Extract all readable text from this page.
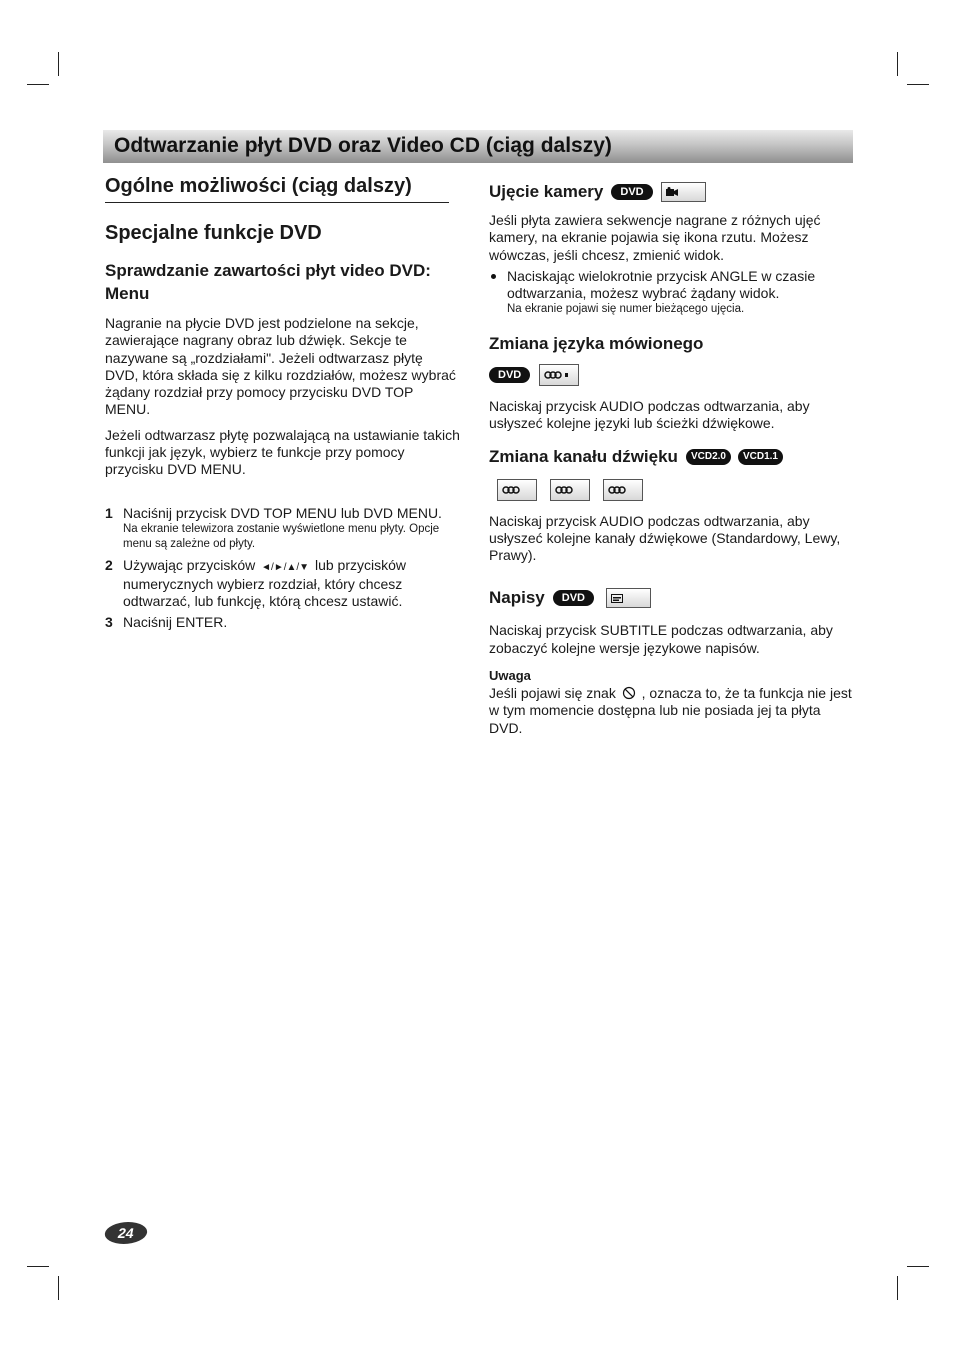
Odtwarzanie płyt DVD oraz Video CD (ciąg dalszy)
Ogólne możliwości (ciąg dalszy)
Specjalne funkcje DVD
Sprawdzanie zawartości płyt video DVD: Menu

Nagranie na płycie DVD jest podzielone na sekcje, zawierające nagrany obraz lub dźwięk. Sekcje te nazywane są „rozdziałami". Jeżeli odtwarzasz płytę DVD, która składa się z kilku rozdziałów, możesz wybrać żądany rozdział przy pomocy przycisku DVD TOP MENU.

Jeżeli odtwarzasz płytę pozwalającą na ustawianie takich funkcji jak język, wybierz te funkcje przy pomocy przycisku DVD MENU.

1 Naciśnij przycisk DVD TOP MENU lub DVD MENU.
Na ekranie telewizora zostanie wyświetlone menu płyty. Opcje menu są zależne od płyty.
2 Używając przycisków ◄/►/▲/▼ lub przycisków numerycznych wybierz rozdział, który chcesz odtwarzać, lub funkcję, którą chcesz ustawić.
3 Naciśnij ENTER.
Ujęcie kamery	DVD

Jeśli płyta zawiera sekwencje nagrane z różnych ujęć kamery, na ekranie pojawia się ikona rzutu. Możesz wówczas, jeśli chcesz, zmienić widok.

Naciskając wielokrotnie przycisk ANGLE w czasie odtwarzania, możesz wybrać żądany widok.
Na ekranie pojawi się numer bieżącego ujęcia.
Zmiana języka mówionego
DVD

Naciskaj przycisk AUDIO podczas odtwarzania, aby usłyszeć kolejne języki lub ścieżki dźwiękowe.

Zmiana kanału dźwięku	VCD2.0	VCD1.1

Naciskaj przycisk AUDIO podczas odtwarzania, aby usłyszeć kolejne kanały dźwiękowe (Standardowy, Lewy, Prawy).

Napisy	DVD

Naciskaj przycisk SUBTITLE podczas odtwarzania, aby zobaczyć kolejne wersje językowe napisów.

Uwaga

Jeśli pojawi się znak , oznacza to, że ta funkcja nie jest w tym momencie dostępna lub nie posiada jej ta płyta DVD.

24
